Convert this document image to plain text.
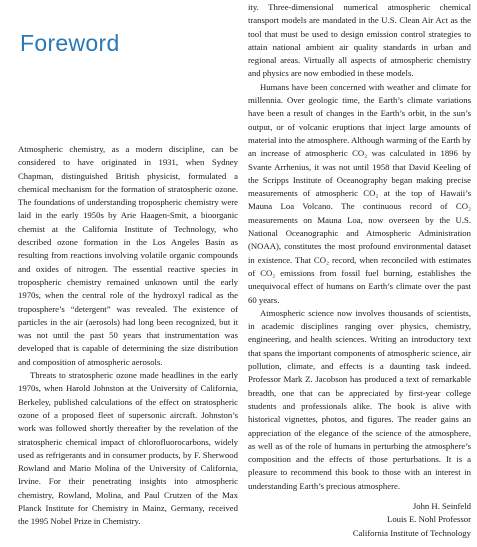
Foreword

Atmospheric chemistry, as a modern discipline, can be considered to have originated in 1931, when Sydney Chapman, distinguished British physicist, formulated a chemical mechanism for the formation of stratospheric ozone. The foundations of understanding tropospheric chemistry were laid in the early 1950s by Arie Haagen-Smit, a bioorganic chemist at the California Institute of Technology, who described ozone formation in the Los Angeles Basin as resulting from reactions involving volatile organic compounds and oxides of nitrogen. The essential reactive species in tropospheric chemistry remained unknown until the early 1970s, when the central role of the hydroxyl radical as the troposphere’s “detergent” was revealed. The existence of particles in the air (aerosols) had long been recognized, but it was not until the past 50 years that instrumentation was developed that is capable of determining the size distribution and composition of atmospheric aerosols.

Threats to stratospheric ozone made headlines in the early 1970s, when Harold Johnston at the University of California, Berkeley, published calculations of the effect on stratospheric ozone of a proposed fleet of supersonic aircraft. Johnston’s work was followed shortly thereafter by the revelation of the stratospheric chemical impact of chlorofluorocarbons, widely used as refrigerants and in consumer products, by F. Sherwood Rowland and Mario Molina of the University of California, Irvine. For their penetrating insights into atmospheric chemistry, Rowland, Molina, and Paul Crutzen of the Max Planck Institute for Chemistry in Mainz, Germany, received the 1995 Nobel Prize in Chemistry.

ity. Three-dimensional numerical atmospheric chemical transport models are mandated in the U.S. Clean Air Act as the tool that must be used to design emission control strategies to attain national ambient air quality standards in urban and regional areas. Virtually all aspects of atmospheric chemistry and physics are now embodied in these models.

Humans have been concerned with weather and climate for millennia. Over geologic time, the Earth’s climate variations have been a result of changes in the Earth’s orbit, in the sun’s output, or of volcanic eruptions that inject large amounts of material into the atmosphere. Although warming of the Earth by an increase of atmospheric CO₂ was calculated in 1896 by Svante Arrhenius, it was not until 1958 that David Keeling of the Scripps Institute of Oceanography began making precise measurements of atmospheric CO₂ at the top of Hawaii’s Mauna Loa Volcano. The continuous record of CO₂ measurements on Mauna Loa, now overseen by the U.S. National Oceanographic and Atmospheric Administration (NOAA), constitutes the most profound environmental dataset in existence. That CO₂ record, when reconciled with estimates of CO₂ emissions from fossil fuel burning, establishes the unequivocal effect of humans on Earth’s climate over the past 60 years.

Atmospheric science now involves thousands of scientists, in academic disciplines ranging over physics, chemistry, engineering, and health sciences. Writing an introductory text that spans the important components of atmospheric science, air pollution, climate, and effects is a daunting task indeed. Professor Mark Z. Jacobson has produced a text of remarkable breadth, one that can be appreciated by first-year college students and professionals alike. The book is alive with historical vignettes, photos, and figures. The reader gains an appreciation of the elegance of the science of the atmosphere, as well as of the role of humans in perturbing the atmosphere’s composition and the effects of those perturbations. It is a pleasure to recommend this book to those with an interest in understanding Earth’s precious atmosphere.

John H. Seinfeld
Louis E. Nohl Professor
California Institute of Technology
